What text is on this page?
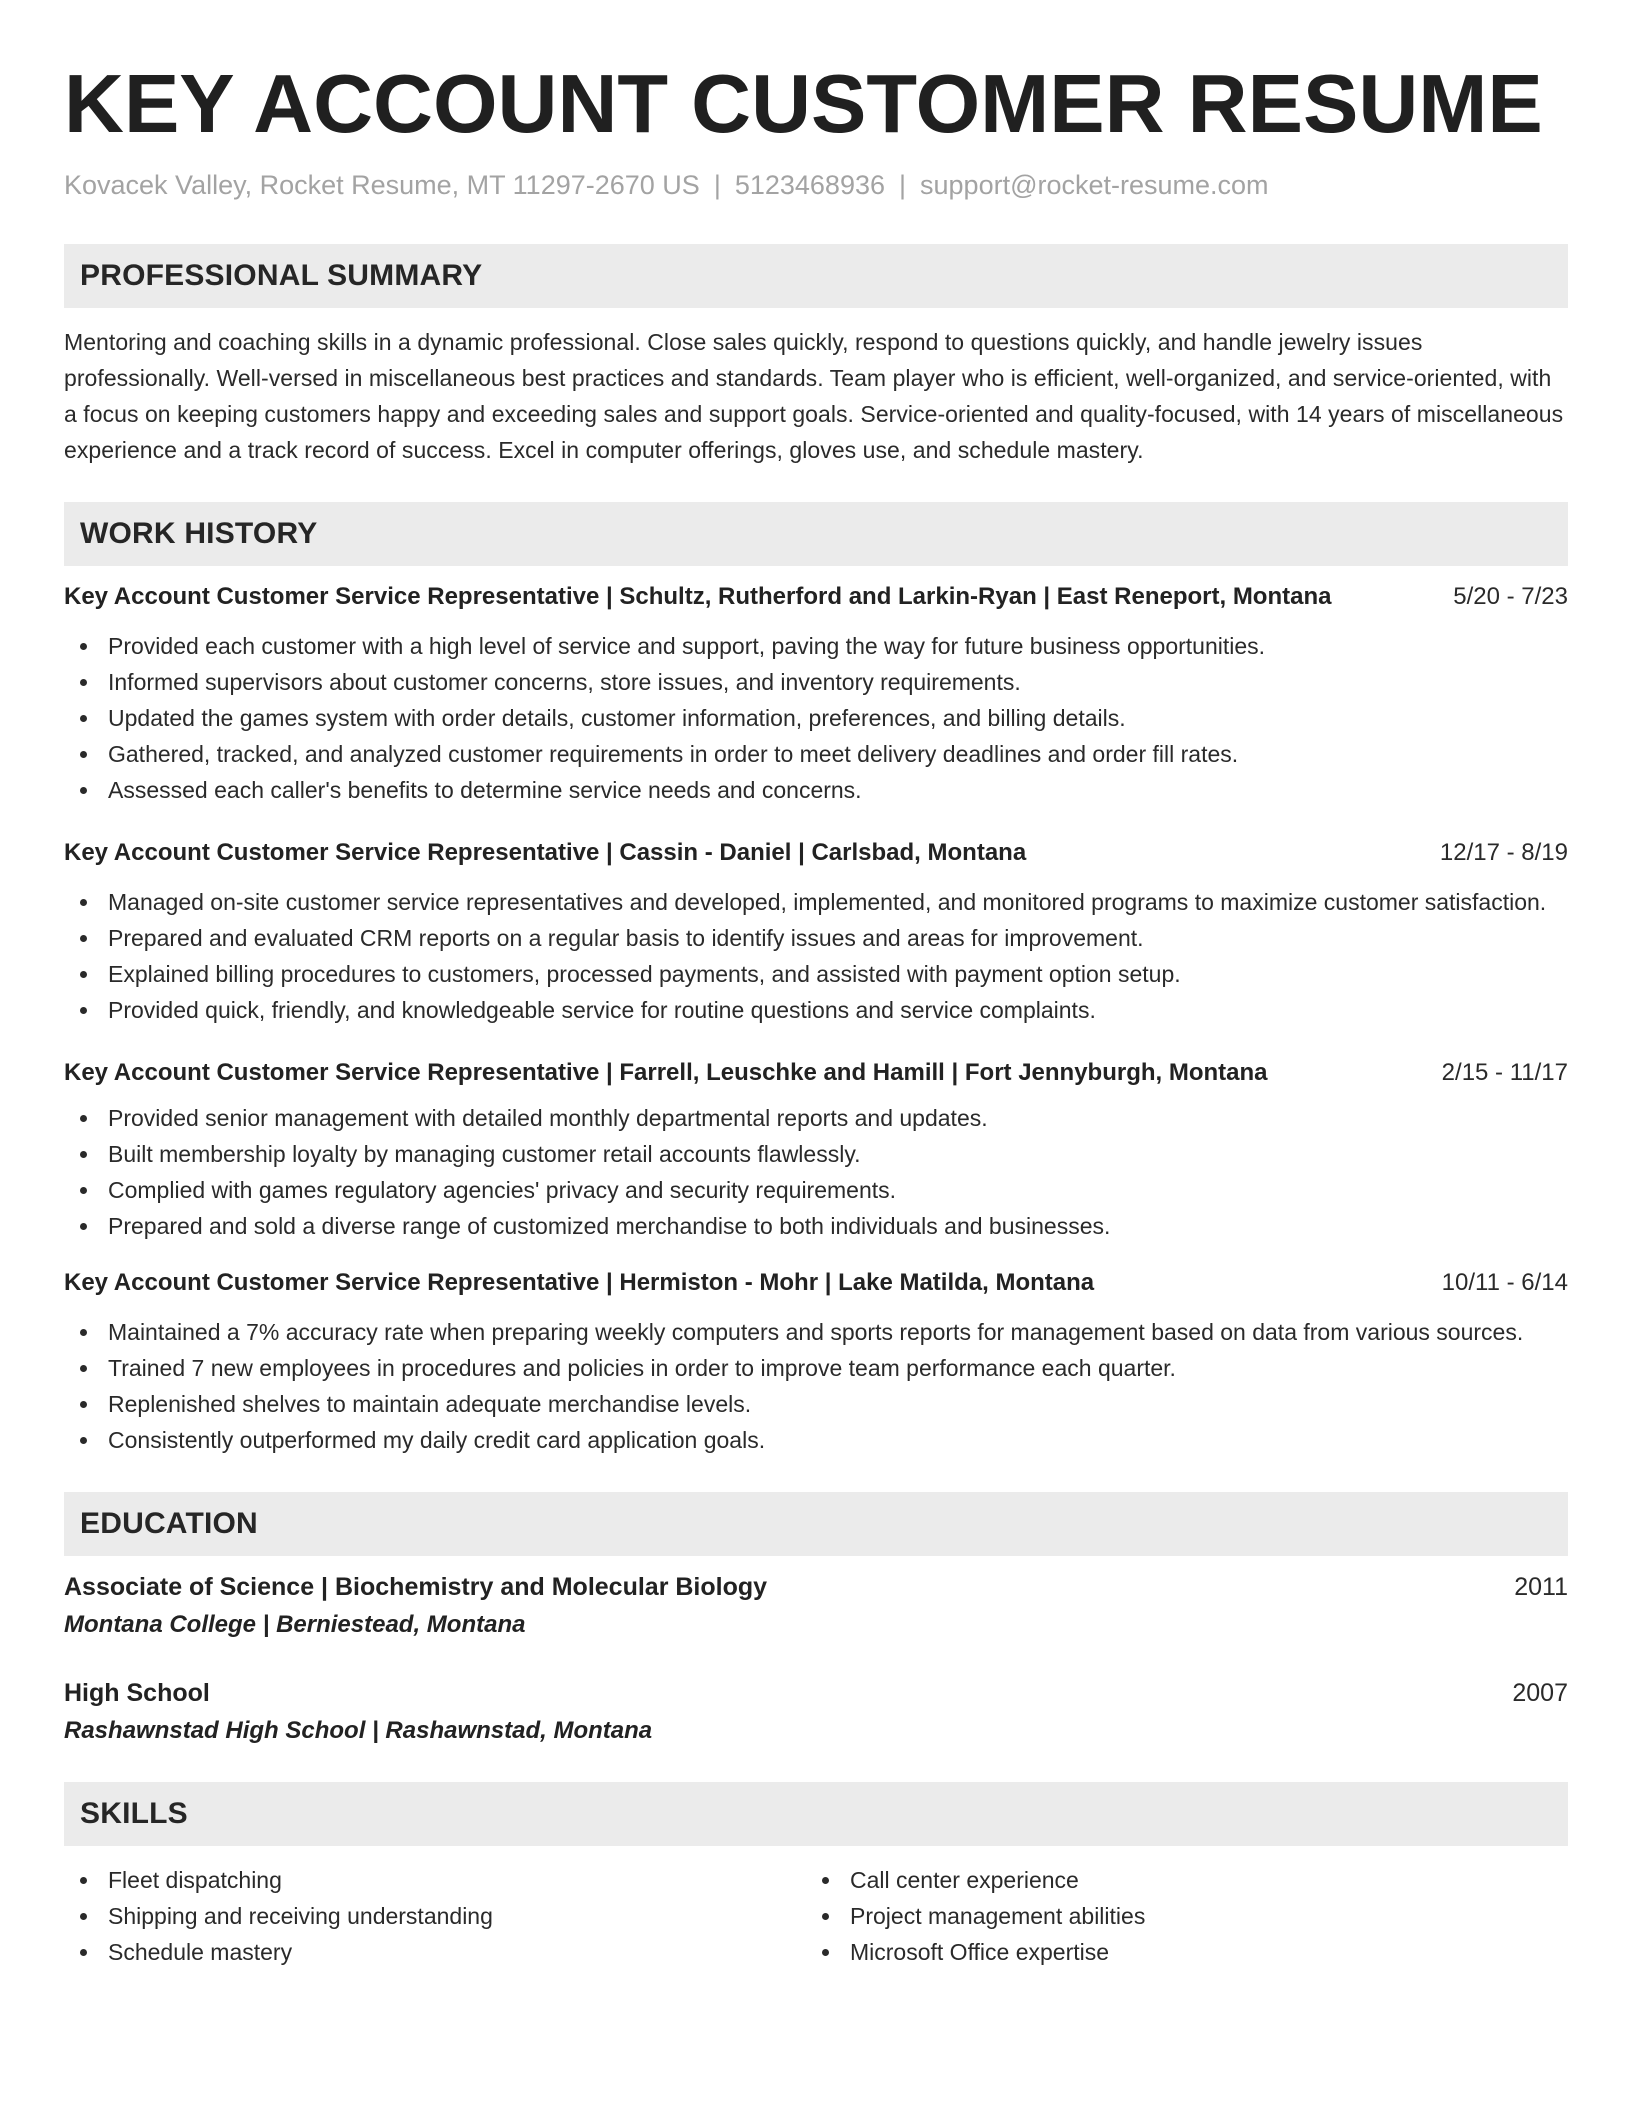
KEY ACCOUNT CUSTOMER RESUME
Kovacek Valley, Rocket Resume, MT 11297-2670 US | 5123468936 | support@rocket-resume.com
PROFESSIONAL SUMMARY
Mentoring and coaching skills in a dynamic professional. Close sales quickly, respond to questions quickly, and handle jewelry issues professionally. Well-versed in miscellaneous best practices and standards. Team player who is efficient, well-organized, and service-oriented, with a focus on keeping customers happy and exceeding sales and support goals. Service-oriented and quality-focused, with 14 years of miscellaneous experience and a track record of success. Excel in computer offerings, gloves use, and schedule mastery.
WORK HISTORY
Key Account Customer Service Representative | Schultz, Rutherford and Larkin-Ryan | East Reneport, Montana	5/20 - 7/23
Provided each customer with a high level of service and support, paving the way for future business opportunities.
Informed supervisors about customer concerns, store issues, and inventory requirements.
Updated the games system with order details, customer information, preferences, and billing details.
Gathered, tracked, and analyzed customer requirements in order to meet delivery deadlines and order fill rates.
Assessed each caller's benefits to determine service needs and concerns.
Key Account Customer Service Representative | Cassin - Daniel | Carlsbad, Montana	12/17 - 8/19
Managed on-site customer service representatives and developed, implemented, and monitored programs to maximize customer satisfaction.
Prepared and evaluated CRM reports on a regular basis to identify issues and areas for improvement.
Explained billing procedures to customers, processed payments, and assisted with payment option setup.
Provided quick, friendly, and knowledgeable service for routine questions and service complaints.
Key Account Customer Service Representative | Farrell, Leuschke and Hamill | Fort Jennyburgh, Montana	2/15 - 11/17
Provided senior management with detailed monthly departmental reports and updates.
Built membership loyalty by managing customer retail accounts flawlessly.
Complied with games regulatory agencies' privacy and security requirements.
Prepared and sold a diverse range of customized merchandise to both individuals and businesses.
Key Account Customer Service Representative | Hermiston - Mohr | Lake Matilda, Montana	10/11 - 6/14
Maintained a 7% accuracy rate when preparing weekly computers and sports reports for management based on data from various sources.
Trained 7 new employees in procedures and policies in order to improve team performance each quarter.
Replenished shelves to maintain adequate merchandise levels.
Consistently outperformed my daily credit card application goals.
EDUCATION
Associate of Science | Biochemistry and Molecular Biology	2011
Montana College | Berniestead, Montana
High School	2007
Rashawnstad High School | Rashawnstad, Montana
SKILLS
Fleet dispatching
Shipping and receiving understanding
Schedule mastery
Call center experience
Project management abilities
Microsoft Office expertise
